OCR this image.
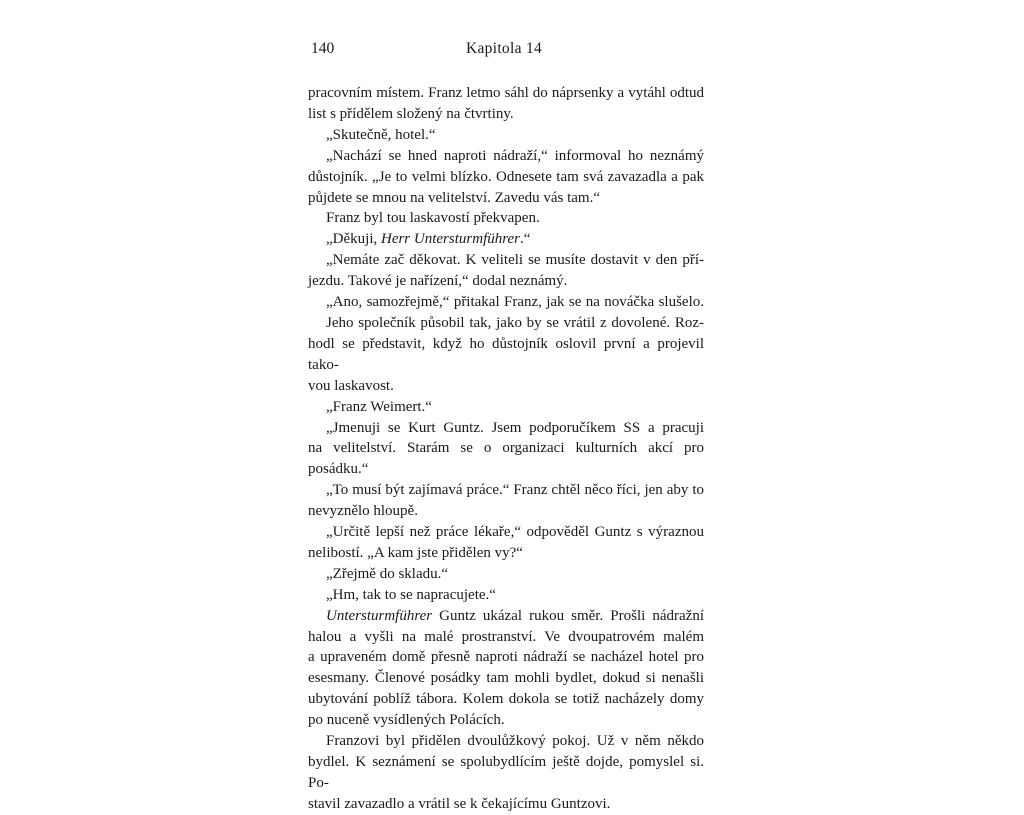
140	Kapitola 14
pracovním místem. Franz letmo sáhl do náprsenky a vytáhl odtud
list s přídělem složený na čtvrtiny.
„Skutečně, hotel.“
„Nachází se hned naproti nádraží,“ informoval ho neznámý
důstojník. „Je to velmi blízko. Odnesete tam svá zavazadla a pak
půjdete se mnou na velitelství. Zavedu vás tam.“
Franz byl tou laskavostí překvapen.
„Děkuji, Herr Untersturmführer.“
„Nemáte zač děkovat. K veliteli se musíte dostavit v den pří-
jezdu. Takové je nařízení,“ dodal neznámý.
„Ano, samozřejmě,“ přitakal Franz, jak se na nováčka slušelo.
Jeho společník působil tak, jako by se vrátil z dovolené. Roz-
hodl se představit, když ho důstojník oslovil první a projevil tako-
vou laskavost.
„Franz Weimert.“
„Jmenuji se Kurt Guntz. Jsem podporučíkem SS a pracuji
na velitelství. Starám se o organizaci kulturních akcí pro posádku.“
„To musí být zajímavá práce.“ Franz chtěl něco říci, jen aby to
nevyznělo hloupě.
„Určitě lepší než práce lékaře,“ odpověděl Guntz s výraznou
nelibostí. „A kam jste přidělen vy?“
„Zřejmě do skladu.“
„Hm, tak to se napracujete.“
Untersturmführer Guntz ukázal rukou směr. Prošli nádražní
halou a vyšli na malé prostranství. Ve dvoupatrovém malém
a upraveném domě přesně naproti nádraží se nacházel hotel pro
esesmany. Členové posádky tam mohli bydlet, dokud si nenašli
ubytování poblíž tábora. Kolem dokola se totiž nacházely domy
po nuceně vysídlených Polácích.
Franzovi byl přidělen dvoulůžkový pokoj. Už v něm někdo
bydlel. K seznámení se spolubydlícím ještě dojde, pomyslel si. Po-
stavil zavazadlo a vrátil se k čekajícímu Guntzovi.
